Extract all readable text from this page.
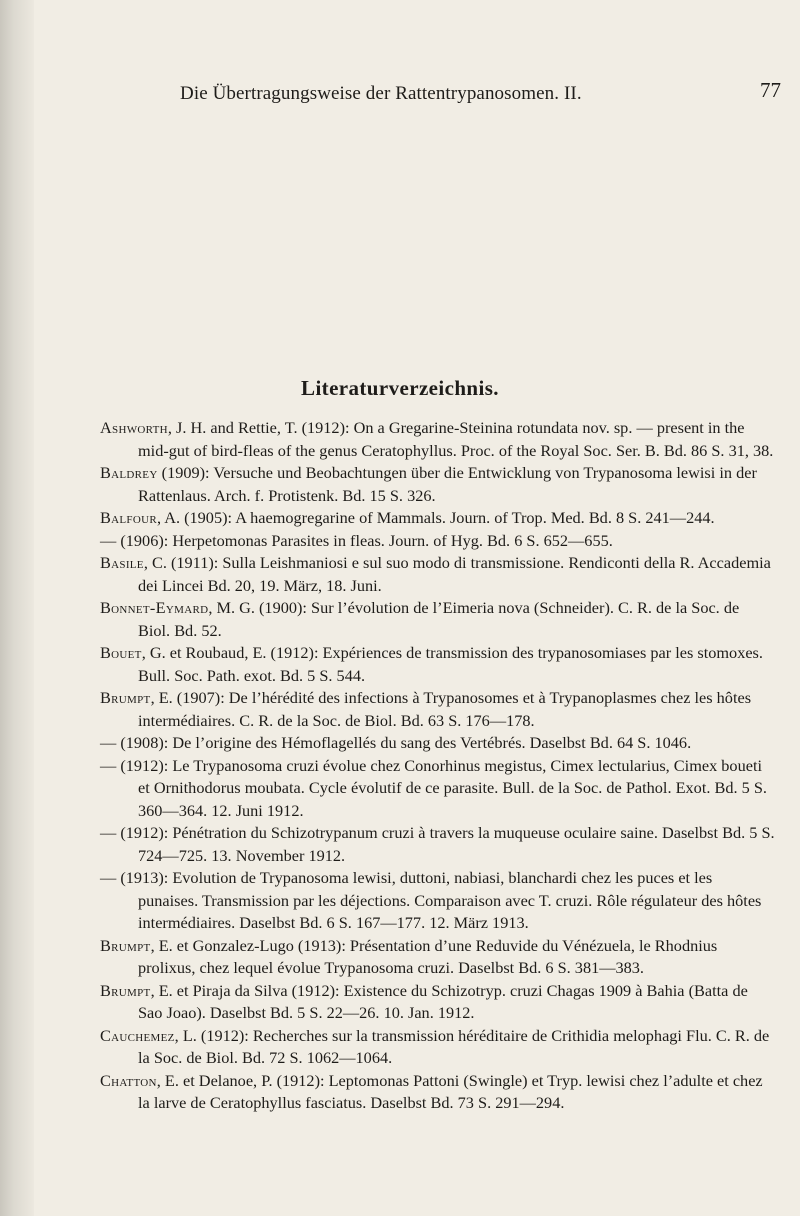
Die Übertragungsweise der Rattentrypanosomen. II.	77
Literaturverzeichnis.
Ashworth, J. H. and Rettie, T. (1912): On a Gregarine-Steinina rotundata nov. sp. — present in the mid-gut of bird-fleas of the genus Ceratophyllus. Proc. of the Royal Soc. Ser. B. Bd. 86 S. 31, 38.
Baldrey (1909): Versuche und Beobachtungen über die Entwicklung von Trypanosoma lewisi in der Rattenlaus. Arch. f. Protistenk. Bd. 15 S. 326.
Balfour, A. (1905): A haemogregarine of Mammals. Journ. of Trop. Med. Bd. 8 S. 241—244.
— (1906): Herpetomonas Parasites in fleas. Journ. of Hyg. Bd. 6 S. 652—655.
Basile, C. (1911): Sulla Leishmaniosi e sul suo modo di transmissione. Rendiconti della R. Accademia dei Lincei Bd. 20, 19. März, 18. Juni.
Bonnet-Eymard, M. G. (1900): Sur l’évolution de l’Eimeria nova (Schneider). C. R. de la Soc. de Biol. Bd. 52.
Bouet, G. et Roubaud, E. (1912): Expériences de transmission des trypanosomiases par les stomoxes. Bull. Soc. Path. exot. Bd. 5 S. 544.
Brumpt, E. (1907): De l’hérédité des infections à Trypanosomes et à Trypanoplasmes chez les hôtes intermédiaires. C. R. de la Soc. de Biol. Bd. 63 S. 176—178.
— (1908): De l’origine des Hémoflagellés du sang des Vertébrés. Daselbst Bd. 64 S. 1046.
— (1912): Le Trypanosoma cruzi évolue chez Conorhinus megistus, Cimex lectularius, Cimex boueti et Ornithodorus moubata. Cycle évolutif de ce parasite. Bull. de la Soc. de Pathol. Exot. Bd. 5 S. 360—364. 12. Juni 1912.
— (1912): Pénétration du Schizotrypanum cruzi à travers la muqueuse oculaire saine. Daselbst Bd. 5 S. 724—725. 13. November 1912.
— (1913): Evolution de Trypanosoma lewisi, duttoni, nabiasi, blanchardi chez les puces et les punaises. Transmission par les déjections. Comparaison avec T. cruzi. Rôle régulateur des hôtes intermédiaires. Daselbst Bd. 6 S. 167—177. 12. März 1913.
Brumpt, E. et Gonzalez-Lugo (1913): Présentation d’une Reduvide du Vénézuela, le Rhodnius prolixus, chez lequel évolue Trypanosoma cruzi. Daselbst Bd. 6 S. 381—383.
Brumpt, E. et Piraja da Silva (1912): Existence du Schizotryp. cruzi Chagas 1909 à Bahia (Batta de Sao Joao). Daselbst Bd. 5 S. 22—26. 10. Jan. 1912.
Cauchemez, L. (1912): Recherches sur la transmission héréditaire de Crithidia melophagi Flu. C. R. de la Soc. de Biol. Bd. 72 S. 1062—1064.
Chatton, E. et Delanoe, P. (1912): Leptomonas Pattoni (Swingle) et Tryp. lewisi chez l’adulte et chez la larve de Ceratophyllus fasciatus. Daselbst Bd. 73 S. 291—294.
